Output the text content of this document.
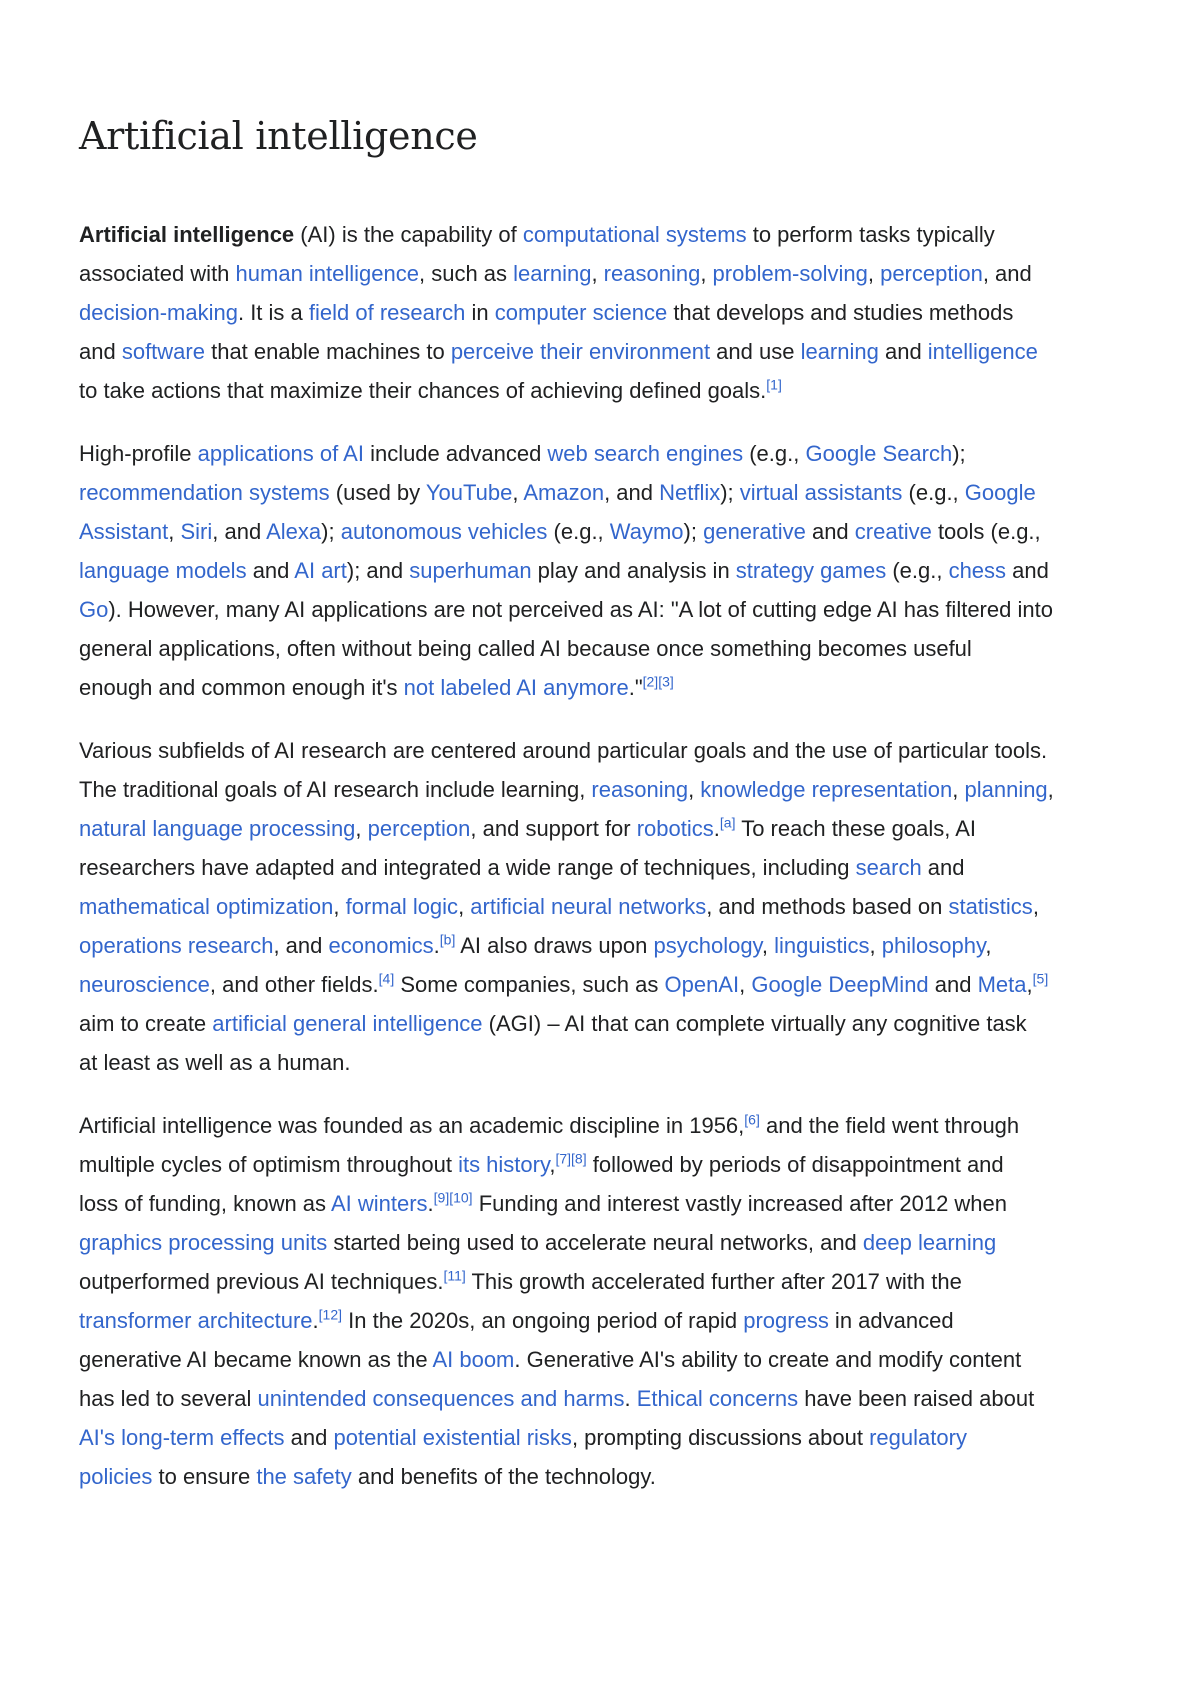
Artificial intelligence

Artificial intelligence (AI) is the capability of computational systems to perform tasks typically
associated with human intelligence, such as learning, reasoning, problem-solving, perception, and
decision-making. It is a field of research in computer science that develops and studies methods
and software that enable machines to perceive their environment and use learning and intelligence
to take actions that maximize their chances of achieving defined goals.[1]

High-profile applications of AI include advanced web search engines (e.g., Google Search);
recommendation systems (used by YouTube, Amazon, and Netflix); virtual assistants (e.g., Google
Assistant, Siri, and Alexa); autonomous vehicles (e.g., Waymo); generative and creative tools (e.g.,
language models and AI art); and superhuman play and analysis in strategy games (e.g., chess and
Go). However, many AI applications are not perceived as AI: "A lot of cutting edge AI has filtered into
general applications, often without being called AI because once something becomes useful
enough and common enough it's not labeled AI anymore."[2][3]

Various subfields of AI research are centered around particular goals and the use of particular tools.
The traditional goals of AI research include learning, reasoning, knowledge representation, planning,
natural language processing, perception, and support for robotics.[a] To reach these goals, AI
researchers have adapted and integrated a wide range of techniques, including search and
mathematical optimization, formal logic, artificial neural networks, and methods based on statistics,
operations research, and economics.[b] AI also draws upon psychology, linguistics, philosophy,
neuroscience, and other fields.[4] Some companies, such as OpenAI, Google DeepMind and Meta,[5]
aim to create artificial general intelligence (AGI) – AI that can complete virtually any cognitive task
at least as well as a human.

Artificial intelligence was founded as an academic discipline in 1956,[6] and the field went through
multiple cycles of optimism throughout its history,[7][8] followed by periods of disappointment and
loss of funding, known as AI winters.[9][10] Funding and interest vastly increased after 2012 when
graphics processing units started being used to accelerate neural networks, and deep learning
outperformed previous AI techniques.[11] This growth accelerated further after 2017 with the
transformer architecture.[12] In the 2020s, an ongoing period of rapid progress in advanced
generative AI became known as the AI boom. Generative AI's ability to create and modify content
has led to several unintended consequences and harms. Ethical concerns have been raised about
AI's long-term effects and potential existential risks, prompting discussions about regulatory
policies to ensure the safety and benefits of the technology.
